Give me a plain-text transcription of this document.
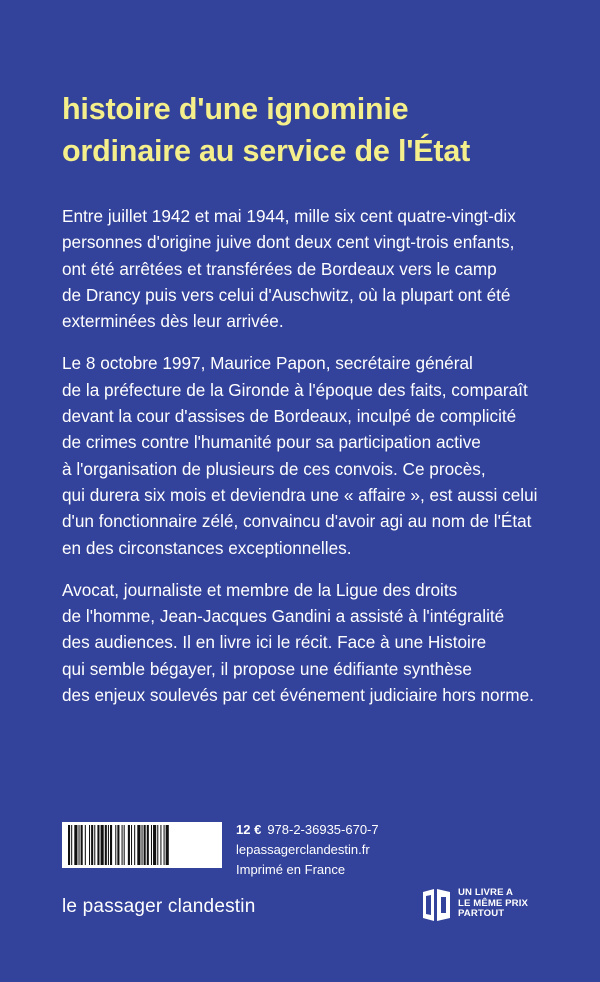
histoire d'une ignominie
ordinaire au service de l'État
Entre juillet 1942 et mai 1944, mille six cent quatre-vingt-dix
personnes d'origine juive dont deux cent vingt-trois enfants,
ont été arrêtées et transférées de Bordeaux vers le camp
de Drancy puis vers celui d'Auschwitz, où la plupart ont été
exterminées dès leur arrivée.
Le 8 octobre 1997, Maurice Papon, secrétaire général
de la préfecture de la Gironde à l'époque des faits, comparaît
devant la cour d'assises de Bordeaux, inculpé de complicité
de crimes contre l'humanité pour sa participation active
à l'organisation de plusieurs de ces convois. Ce procès,
qui durera six mois et deviendra une « affaire », est aussi celui
d'un fonctionnaire zélé, convaincu d'avoir agi au nom de l'État
en des circonstances exceptionnelles.
Avocat, journaliste et membre de la Ligue des droits
de l'homme, Jean-Jacques Gandini a assisté à l'intégralité
des audiences. Il en livre ici le récit. Face à une Histoire
qui semble bégayer, il propose une édifiante synthèse
des enjeux soulevés par cet événement judiciaire hors norme.
12 € 978-2-36935-670-7
lepassagerclandestin.fr
Imprimé en France
le passager clandestin
UN LIVRE A
LE MÊME PRIX
PARTOUT
